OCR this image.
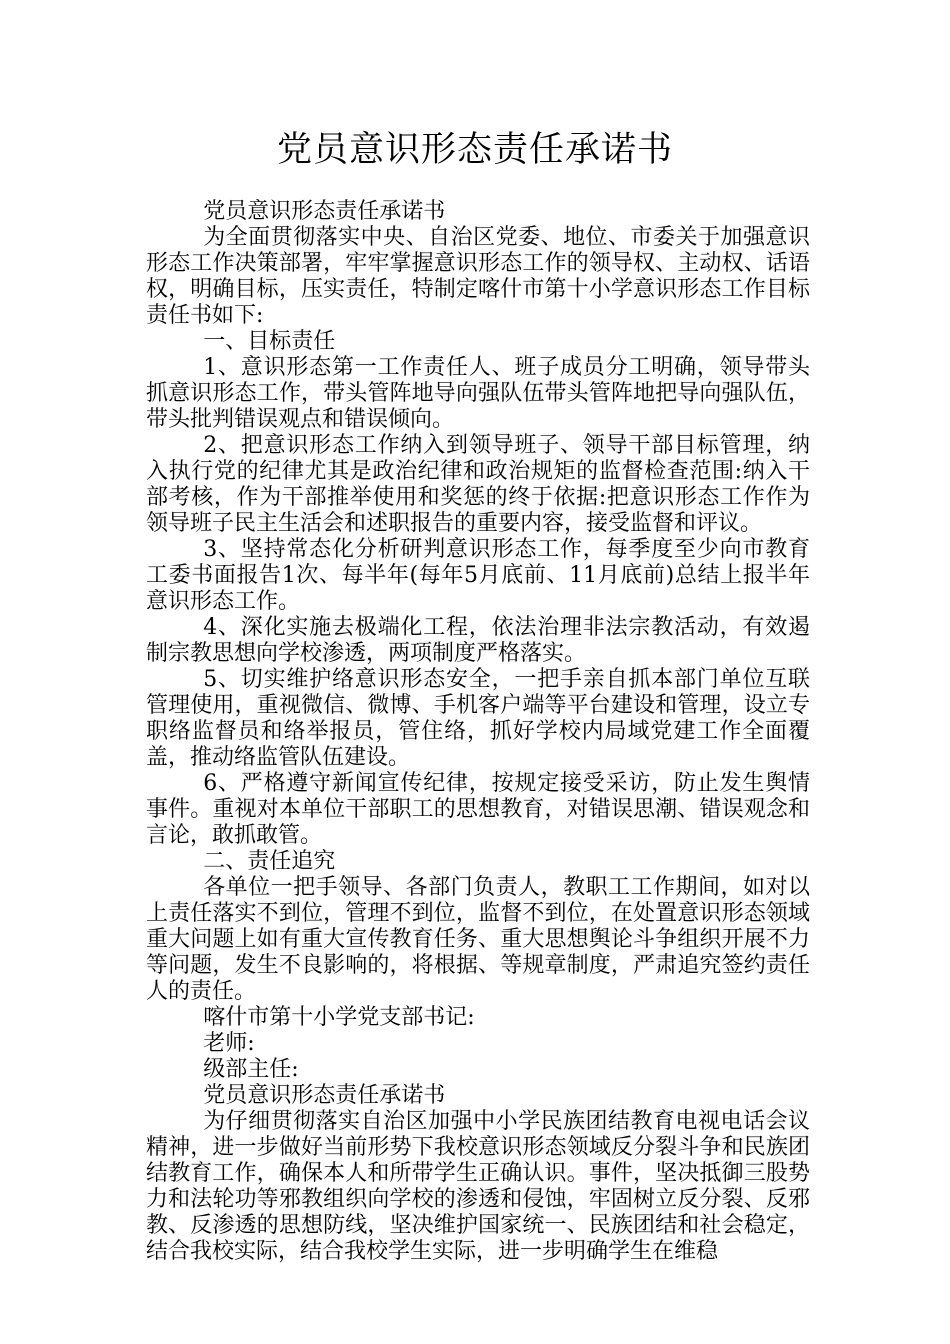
党员意识形态责任承诺书

党员意识形态责任承诺书

为全面贯彻落实中央、自治区党委、地位、市委关于加强意识形态工作决策部署，牢牢掌握意识形态工作的领导权、主动权、话语权，明确目标，压实责任，特制定喀什市第十小学意识形态工作目标责任书如下:

一、目标责任

1、意识形态第一工作责任人、班子成员分工明确，领导带头抓意识形态工作，带头管阵地导向强队伍带头管阵地把导向强队伍，带头批判错误观点和错误倾向。

2、把意识形态工作纳入到领导班子、领导干部目标管理，纳入执行党的纪律尤其是政治纪律和政治规矩的监督检查范围:纳入干部考核，作为干部推举使用和奖惩的终于依据:把意识形态工作作为领导班子民主生活会和述职报告的重要内容，接受监督和评议。

3、坚持常态化分析研判意识形态工作，每季度至少向市教育工委书面报告1次、每半年(每年5月底前、11月底前)总结上报半年意识形态工作。

4、深化实施去极端化工程，依法治理非法宗教活动，有效遏制宗教思想向学校渗透，两项制度严格落实。

5、切实维护络意识形态安全，一把手亲自抓本部门单位互联管理使用，重视微信、微博、手机客户端等平台建设和管理，设立专职络监督员和络举报员，管住络，抓好学校内局域党建工作全面覆盖，推动络监管队伍建设。

6、严格遵守新闻宣传纪律，按规定接受采访，防止发生舆情事件。重视对本单位干部职工的思想教育，对错误思潮、错误观念和言论，敢抓敢管。

二、责任追究

各单位一把手领导、各部门负责人，教职工工作期间，如对以上责任落实不到位，管理不到位，监督不到位，在处置意识形态领域重大问题上如有重大宣传教育任务、重大思想舆论斗争组织开展不力等问题，发生不良影响的，将根据、等规章制度，严肃追究签约责任人的责任。

喀什市第十小学党支部书记:

老师:

级部主任:

党员意识形态责任承诺书

为仔细贯彻落实自治区加强中小学民族团结教育电视电话会议精神，进一步做好当前形势下我校意识形态领域反分裂斗争和民族团结教育工作，确保本人和所带学生正确认识。事件，坚决抵御三股势力和法轮功等邪教组织向学校的渗透和侵蚀，牢固树立反分裂、反邪教、反渗透的思想防线，坚决维护国家统一、民族团结和社会稳定，结合我校实际，结合我校学生实际，进一步明确学生在维稳
